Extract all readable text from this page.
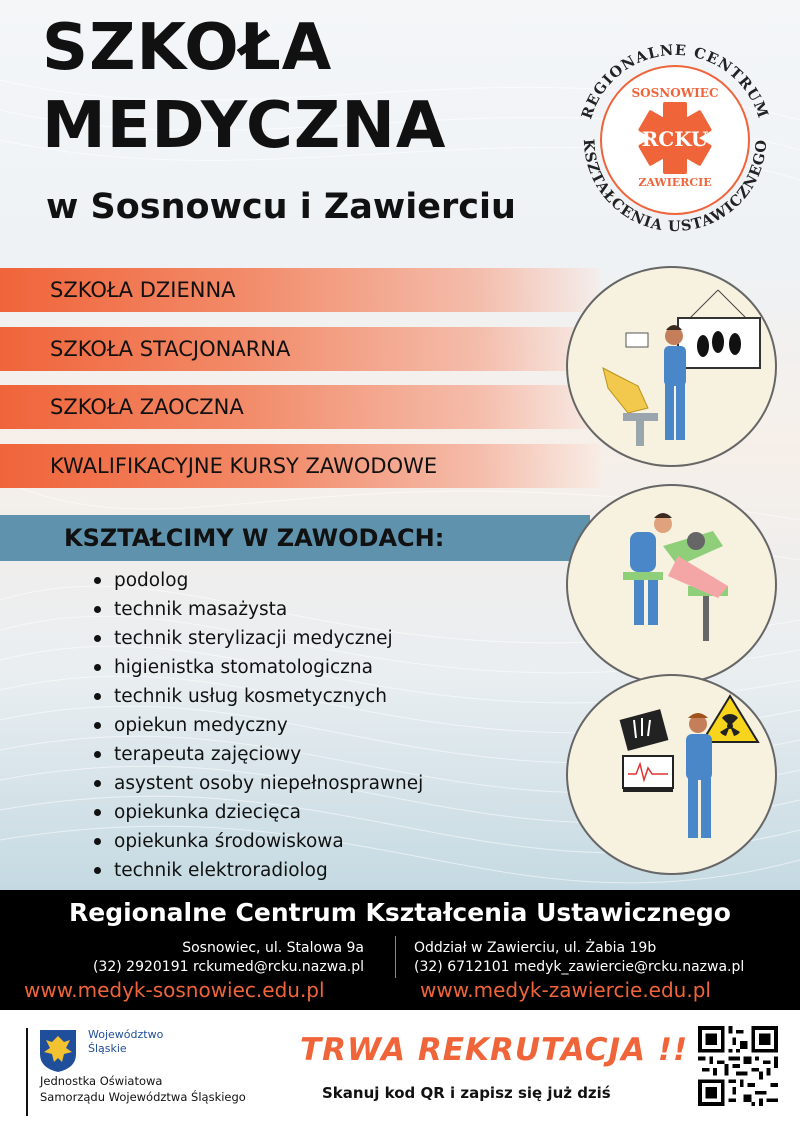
SZKOŁA
MEDYCZNA
w Sosnowcu i Zawierciu
REGIONALNE CENTRUM
KSZTAŁCENIA USTAWICZNEGO
SOSNOWIEC
RCKU
ZAWIERCIE
SZKOŁA DZIENNA
SZKOŁA STACJONARNA
SZKOŁA ZAOCZNA
KWALIFIKACYJNE KURSY ZAWODOWE
KSZTAŁCIMY W ZAWODACH:
podolog
technik masażysta
technik sterylizacji medycznej
higienistka stomatologiczna
technik usług kosmetycznych
opiekun medyczny
terapeuta zajęciowy
asystent osoby niepełnosprawnej
opiekunka dziecięca
opiekunka środowiskowa
technik elektroradiolog
Regionalne Centrum Kształcenia Ustawicznego
Sosnowiec, ul. Stalowa 9a
(32) 2920191 rckumed@rcku.nazwa.pl
Oddział w Zawierciu, ul. Żabia 19b
(32) 6712101 medyk_zawiercie@rcku.nazwa.pl
www.medyk-sosnowiec.edu.pl	www.medyk-zawiercie.edu.pl
Województwo
Śląskie
Jednostka Oświatowa
Samorządu Województwa Śląskiego
TRWA REKRUTACJA !!
Skanuj kod QR i zapisz się już dziś
